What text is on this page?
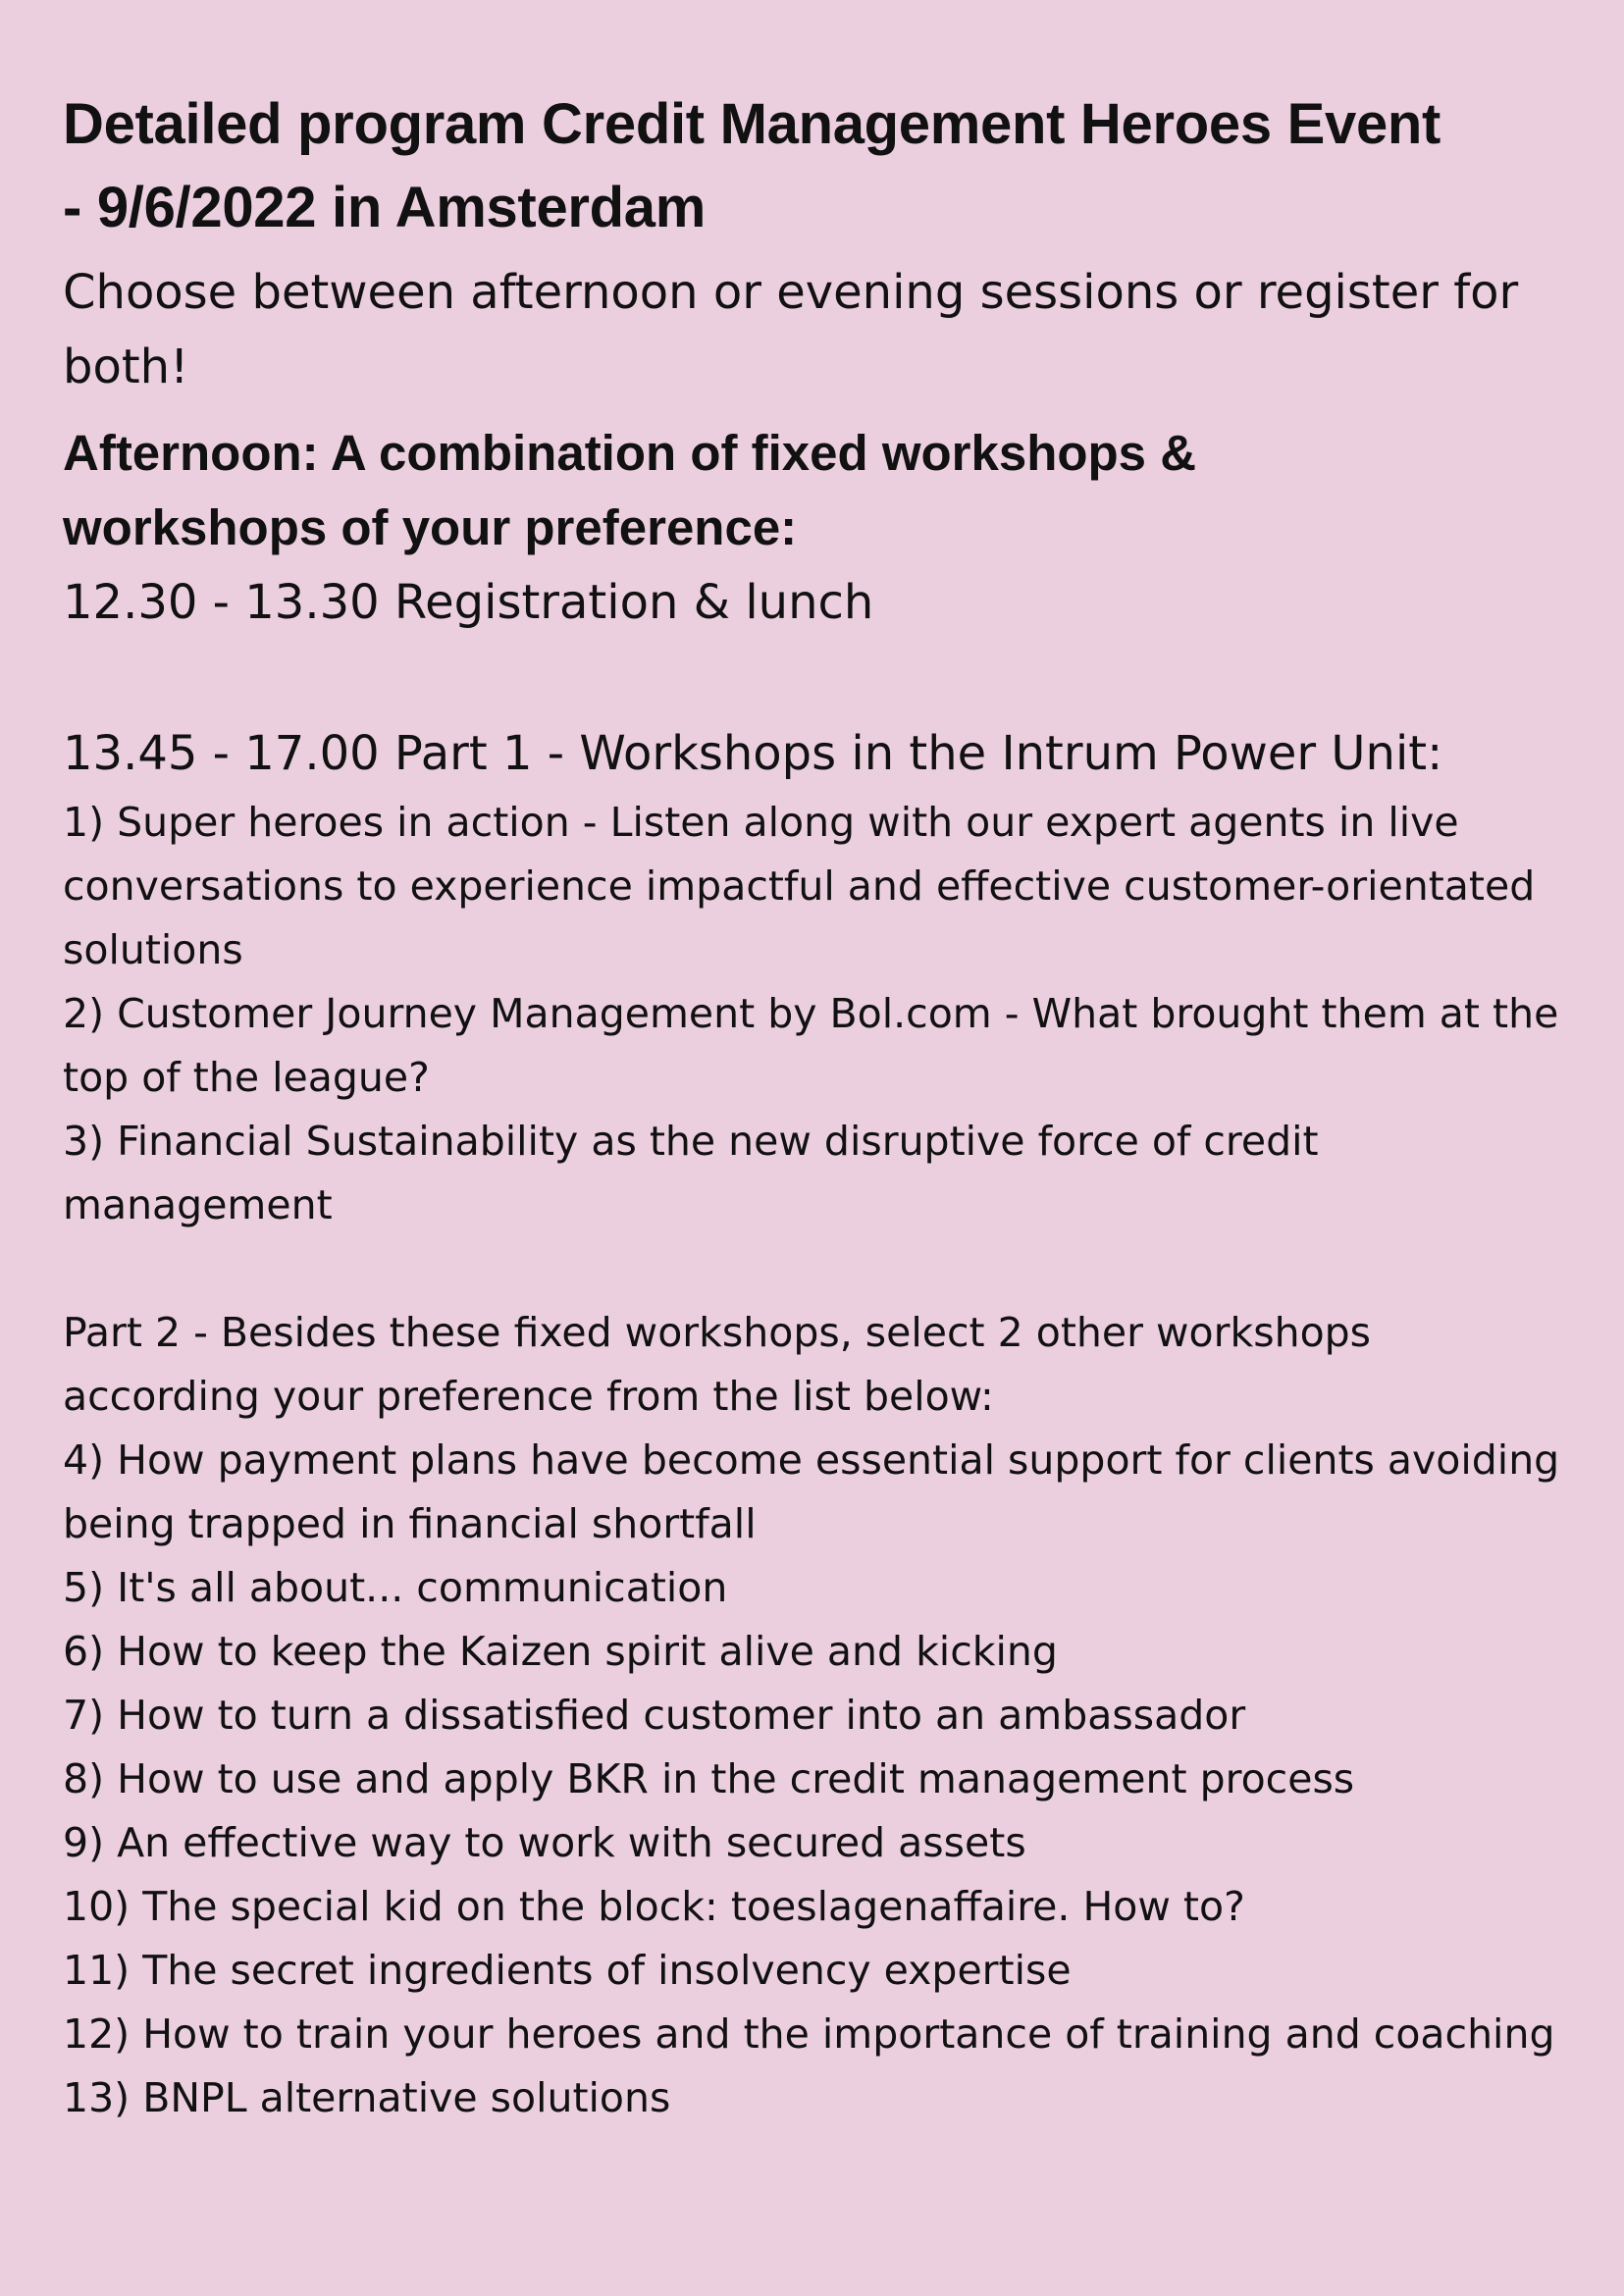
Detailed program Credit Management Heroes Event - 9/6/2022 in Amsterdam

Choose between afternoon or evening sessions or register for both!

Afternoon: A combination of fixed workshops & workshops of your preference:

12.30 - 13.30 Registration & lunch

13.45 - 17.00 Part 1 - Workshops in the Intrum Power Unit:

1) Super heroes in action - Listen along with our expert agents in live conversations to experience impactful and effective customer-orientated solutions

2) Customer Journey Management by Bol.com - What brought them at the top of the league?

3) Financial Sustainability as the new disruptive force of credit management

Part 2 - Besides these fixed workshops, select 2 other workshops according your preference from the list below:

4) How payment plans have become essential support for clients avoiding being trapped in financial shortfall

5) It's all about... communication

6) How to keep the Kaizen spirit alive and kicking

7) How to turn a dissatisfied customer into an ambassador

8) How to use and apply BKR in the credit management process

9) An effective way to work with secured assets

10) The special kid on the block: toeslagenaffaire. How to?

11) The secret ingredients of insolvency expertise

12) How to train your heroes and the importance of training and coaching

13) BNPL alternative solutions
